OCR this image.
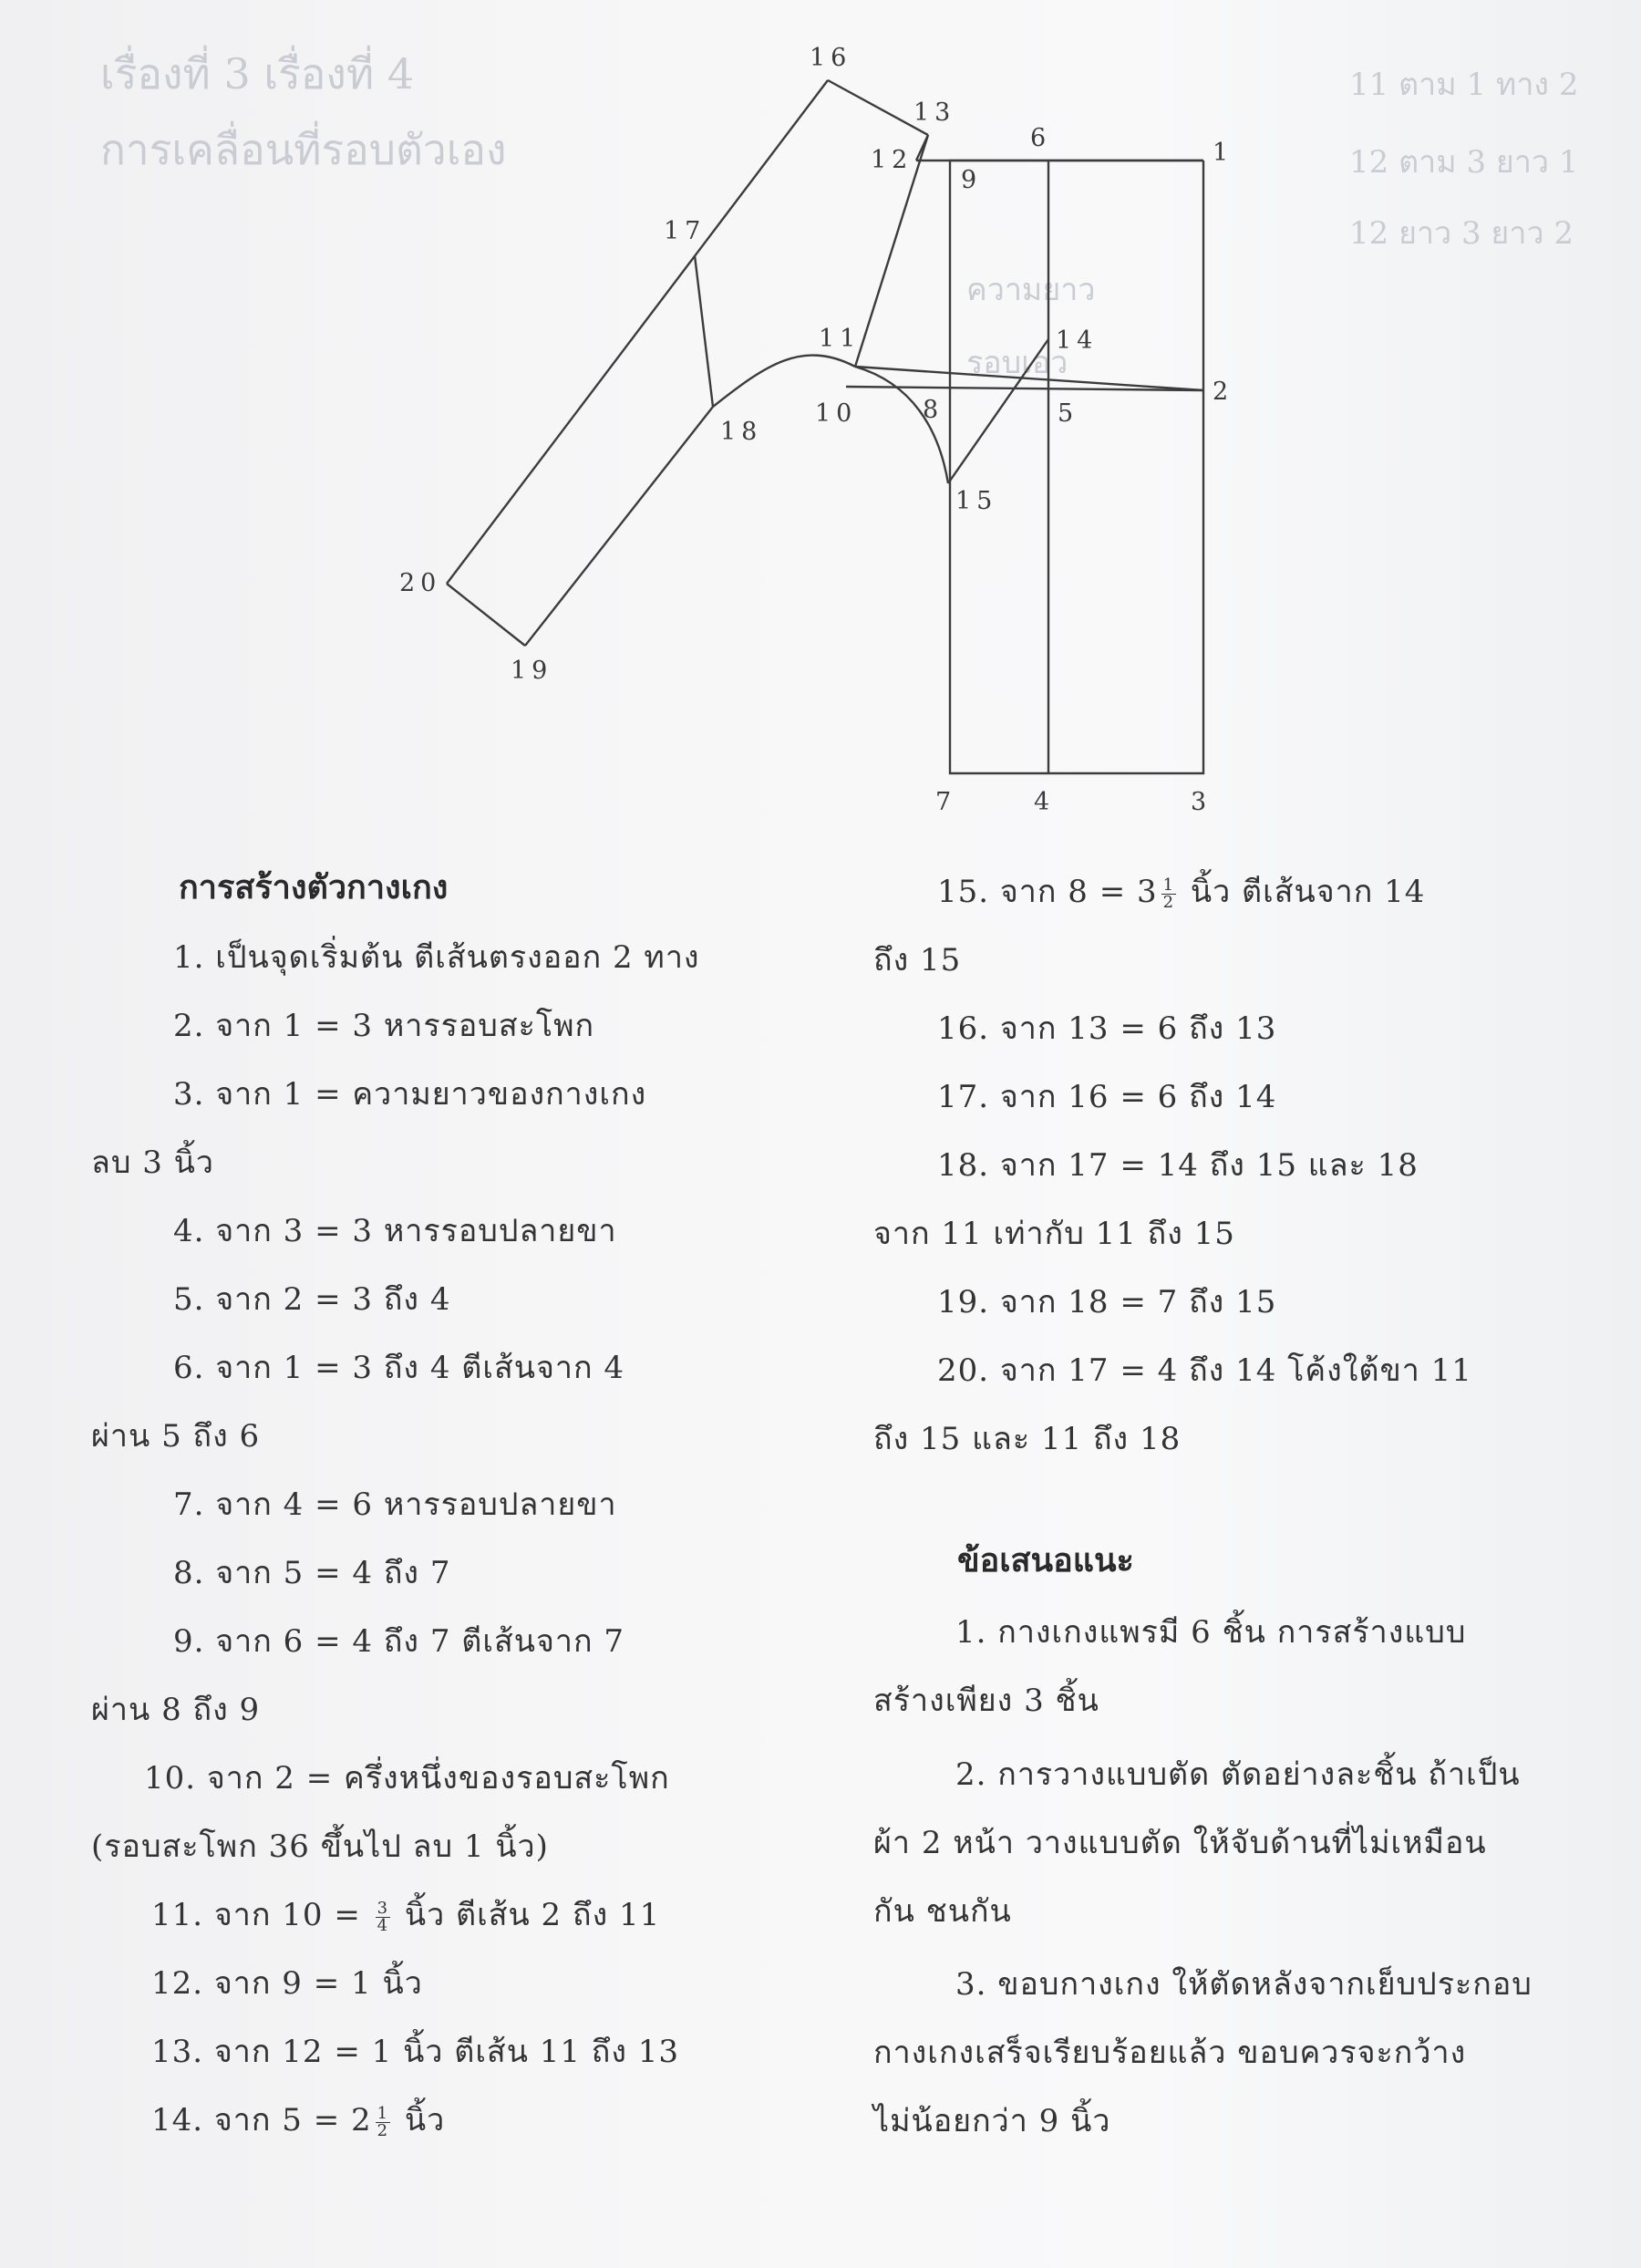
เรื่องที่ 3 เรื่องที่ 4
การเคลื่อนที่รอบตัวเอง
11 ตาม 1 ทาง 2
12 ตาม 3 ยาว 1
12 ยาว 3 ยาว 2
ความยาว
รอบเอว
16
13
12
9
6
1
17
11	14
2
10	8	5
18
15
20
19
7	4	3
การสร้างตัวกางเกง
1. เป็นจุดเริ่มต้น ตีเส้นตรงออก 2 ทาง
2. จาก 1 = 3 หารรอบสะโพก
3. จาก 1 = ความยาวของกางเกง
ลบ 3 นิ้ว
4. จาก 3 = 3 หารรอบปลายขา
5. จาก 2 = 3 ถึง 4
6. จาก 1 = 3 ถึง 4 ตีเส้นจาก 4
ผ่าน 5 ถึง 6
7. จาก 4 = 6 หารรอบปลายขา
8. จาก 5 = 4 ถึง 7
9. จาก 6 = 4 ถึง 7 ตีเส้นจาก 7
ผ่าน 8 ถึง 9
10. จาก 2 = ครึ่งหนึ่งของรอบสะโพก
(รอบสะโพก 36 ขึ้นไป ลบ 1 นิ้ว)
11. จาก $10 = \frac{3}{4}$ นิ้ว ตีเส้น 2 ถึง 11
12. จาก 9 = 1 นิ้ว
13. จาก 12 = 1 นิ้ว ตีเส้น 11 ถึง 13
14. จาก $5 = 2 \frac{1}{2}$ นิ้ว
15. จาก $8 = 3 \frac{1}{2}$ นิ้ว ตีเส้นจาก 14
ถึง 15
16. จาก 13 = 6 ถึง 13
17. จาก 16 = 6 ถึง 14
18. จาก 17 = 14 ถึง 15 และ 18
จาก 11 เท่ากับ 11 ถึง 15
19. จาก 18 = 7 ถึง 15
20. จาก 17 = 4 ถึง 14 โค้งใต้ขา 11
ถึง 15 และ 11 ถึง 18
ข้อเสนอแนะ
1. กางเกงแพรมี 6 ชิ้น การสร้างแบบ
สร้างเพียง 3 ชิ้น
2. การวางแบบตัด ตัดอย่างละชิ้น ถ้าเป็น
ผ้า 2 หน้า วางแบบตัด ให้จับด้านที่ไม่เหมือน
กัน ชนกัน
3. ขอบกางเกง ให้ตัดหลังจากเย็บประกอบ
กางเกงเสร็จเรียบร้อยแล้ว ขอบควรจะกว้าง
ไม่น้อยกว่า 9 นิ้ว
